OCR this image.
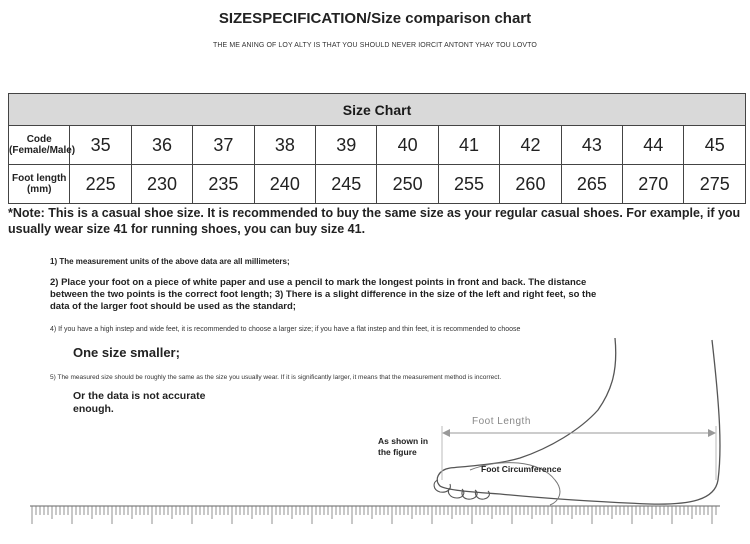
SIZESPECIFICATION/Size comparison chart
THE ME ANING OF LOY ALTY IS THAT YOU SHOULD NEVER IORCIT ANTONT YHAY TOU LOVTO
Size Chart											
Code (Female/Male)	35	36	37	38	39	40	41	42	43	44	45
Foot length (mm)	225	230	235	240	245	250	255	260	265	270	275
*Note: This is a casual shoe size. It is recommended to buy the same size as your regular casual shoes. For example, if you usually wear size 41 for running shoes, you can buy size 41.
1) The measurement units of the above data are all millimeters;
2) Place your foot on a piece of white paper and use a pencil to mark the longest points in front and back. The distance between the two points is the correct foot length; 3) There is a slight difference in the size of the left and right feet, so the data of the larger foot should be used as the standard;
4) If you have a high instep and wide feet, it is recommended to choose a larger size; if you have a flat instep and thin feet, it is recommended to choose
One size smaller;
5) The measured size should be roughly the same as the size you usually wear. If it is significantly larger, it means that the measurement method is incorrect.
Or the data is not accurate enough.
As shown in the figure
Foot Length
Foot Circumference
